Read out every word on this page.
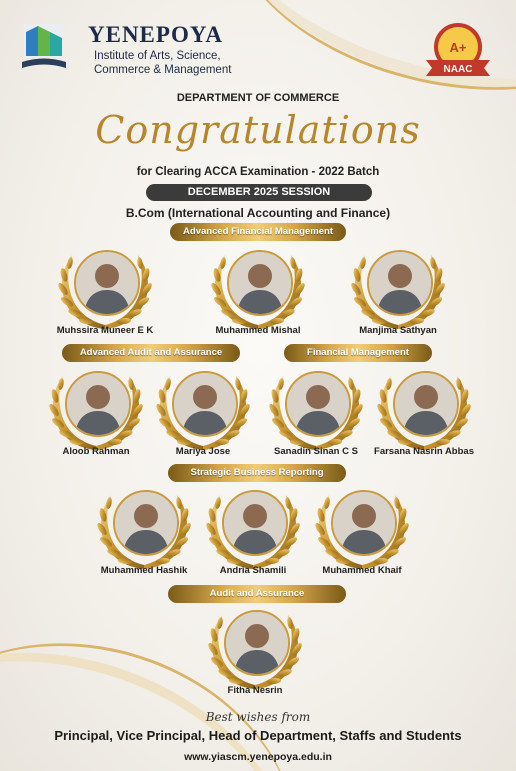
YENEPOYA
Institute of Arts, Science,
Commerce & Management
A+
NAAC
DEPARTMENT OF COMMERCE
Congratulations
for Clearing ACCA Examination - 2022 Batch
DECEMBER 2025 SESSION
B.Com (International Accounting and Finance)
Advanced Financial Management
Advanced Audit and Assurance	Financial Management
Strategic Business Reporting
Audit and Assurance
Muhssira Muneer E K	Muhammed Mishal	Manjima Sathyan
Aloob Rahman	Mariya Jose	Sanadin Sinan C S	Farsana Nasrin Abbas
Muhammed Hashik	Andria Shamili	Muhammed Khaif
Fitha Nesrin
Best wishes from
Principal, Vice Principal, Head of Department, Staffs and Students
www.yiascm.yenepoya.edu.in
